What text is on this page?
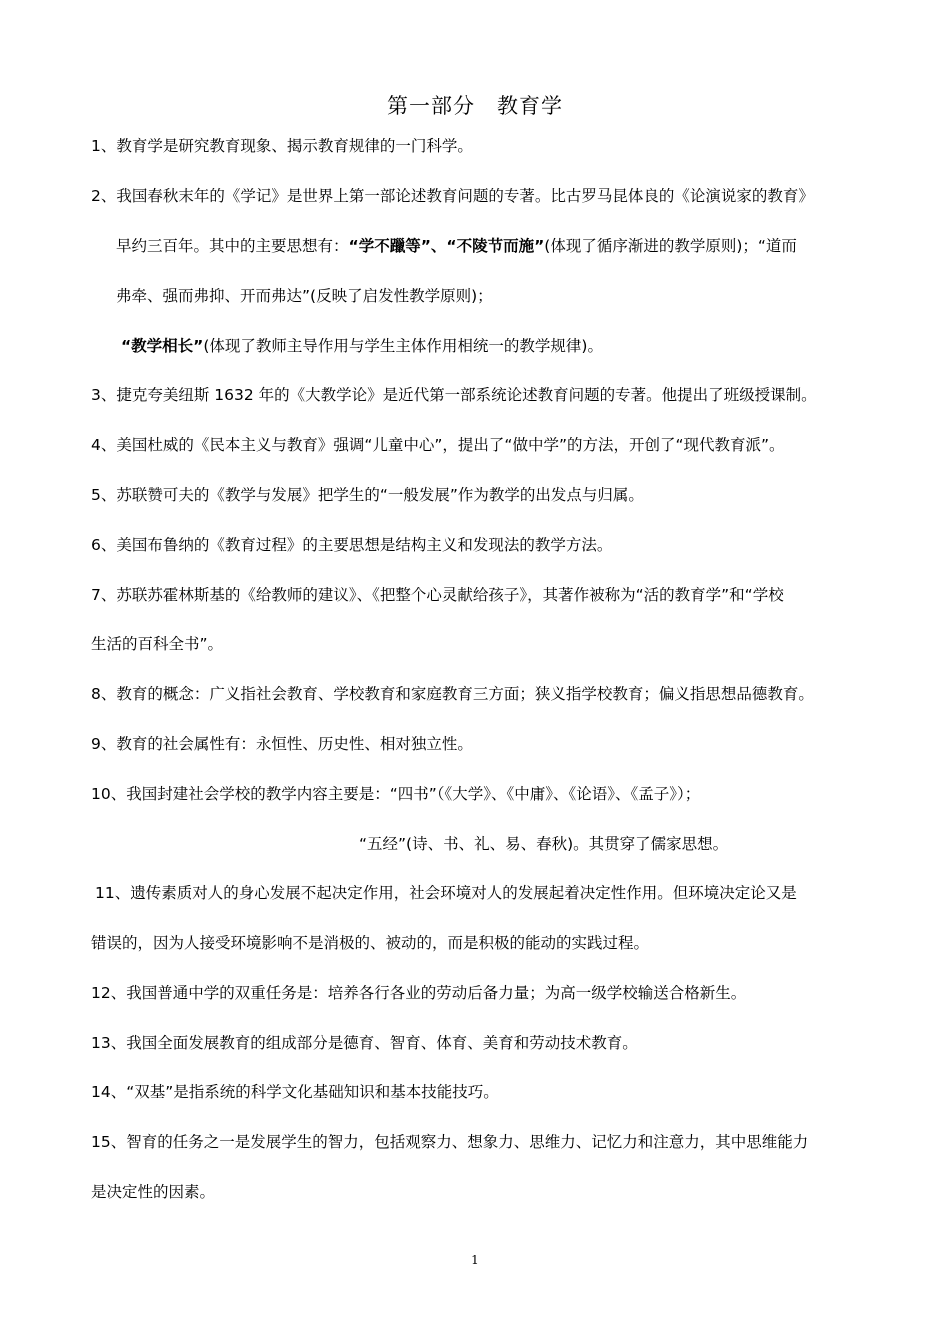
第一部分　教育学
1、教育学是研究教育现象、揭示教育规律的一门科学。
2、我国春秋末年的《学记》是世界上第一部论述教育问题的专著。比古罗马昆体良的《论演说家的教育》
早约三百年。其中的主要思想有：“学不躐等”、“不陵节而施”(体现了循序渐进的教学原则)；“道而
弗牵、强而弗抑、开而弗达”(反映了启发性教学原则)；
“教学相长”(体现了教师主导作用与学生主体作用相统一的教学规律)。
3、捷克夸美纽斯 1632 年的《大教学论》是近代第一部系统论述教育问题的专著。他提出了班级授课制。
4、美国杜威的《民本主义与教育》强调“儿童中心”，提出了“做中学”的方法，开创了“现代教育派”。
5、苏联赞可夫的《教学与发展》把学生的“一般发展”作为教学的出发点与归属。
6、美国布鲁纳的《教育过程》的主要思想是结构主义和发现法的教学方法。
7、苏联苏霍林斯基的《给教师的建议》、《把整个心灵献给孩子》，其著作被称为“活的教育学”和“学校
生活的百科全书”。
8、教育的概念：广义指社会教育、学校教育和家庭教育三方面；狭义指学校教育；偏义指思想品德教育。
9、教育的社会属性有：永恒性、历史性、相对独立性。
10、我国封建社会学校的教学内容主要是：“四书”（《大学》、《中庸》、《论语》、《孟子》）；
“五经”(诗、书、礼、易、春秋)。其贯穿了儒家思想。
11、遗传素质对人的身心发展不起决定作用，社会环境对人的发展起着决定性作用。但环境决定论又是
错误的，因为人接受环境影响不是消极的、被动的，而是积极的能动的实践过程。
12、我国普通中学的双重任务是：培养各行各业的劳动后备力量；为高一级学校输送合格新生。
13、我国全面发展教育的组成部分是德育、智育、体育、美育和劳动技术教育。
14、“双基”是指系统的科学文化基础知识和基本技能技巧。
15、智育的任务之一是发展学生的智力，包括观察力、想象力、思维力、记忆力和注意力，其中思维能力
是决定性的因素。
1
